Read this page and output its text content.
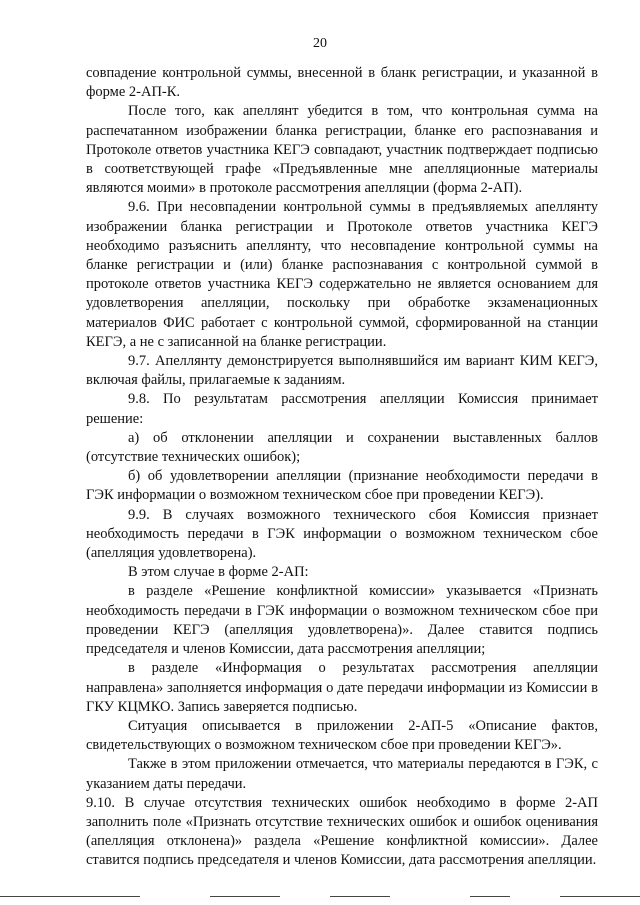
20

совпадение контрольной суммы, внесенной в бланк регистрации, и указанной в форме 2-АП-К.

После того, как апеллянт убедится в том, что контрольная сумма на распечатанном изображении бланка регистрации, бланке его распознавания и Протоколе ответов участника КЕГЭ совпадают, участник подтверждает подписью в соответствующей графе «Предъявленные мне апелляционные материалы являются моими» в протоколе рассмотрения апелляции (форма 2-АП).

9.6. При несовпадении контрольной суммы в предъявляемых апеллянту изображении бланка регистрации и Протоколе ответов участника КЕГЭ необходимо разъяснить апеллянту, что несовпадение контрольной суммы на бланке регистрации и (или) бланке распознавания с контрольной суммой в протоколе ответов участника КЕГЭ содержательно не является основанием для удовлетворения апелляции, поскольку при обработке экзаменационных материалов ФИС работает с контрольной суммой, сформированной на станции КЕГЭ, а не с записанной на бланке регистрации.

9.7. Апеллянту демонстрируется выполнявшийся им вариант КИМ КЕГЭ, включая файлы, прилагаемые к заданиям.

9.8. По результатам рассмотрения апелляции Комиссия принимает решение:

а) об отклонении апелляции и сохранении выставленных баллов (отсутствие технических ошибок);

б) об удовлетворении апелляции (признание необходимости передачи в ГЭК информации о возможном техническом сбое при проведении КЕГЭ).

9.9. В случаях возможного технического сбоя Комиссия признает необходимость передачи в ГЭК информации о возможном техническом сбое (апелляция удовлетворена).

В этом случае в форме 2-АП:

в разделе «Решение конфликтной комиссии» указывается «Признать необходимость передачи в ГЭК информации о возможном техническом сбое при проведении КЕГЭ (апелляция удовлетворена)». Далее ставится подпись председателя и членов Комиссии, дата рассмотрения апелляции;

в разделе «Информация о результатах рассмотрения апелляции направлена» заполняется информация о дате передачи информации из Комиссии в ГКУ КЦМКО. Запись заверяется подписью.

Ситуация описывается в приложении 2-АП-5 «Описание фактов, свидетельствующих о возможном техническом сбое при проведении КЕГЭ».

Также в этом приложении отмечается, что материалы передаются в ГЭК, с указанием даты передачи.

9.10. В случае отсутствия технических ошибок необходимо в форме 2-АП заполнить поле «Признать отсутствие технических ошибок и ошибок оценивания (апелляция отклонена)» раздела «Решение конфликтной комиссии». Далее ставится подпись председателя и членов Комиссии, дата рассмотрения апелляции.
